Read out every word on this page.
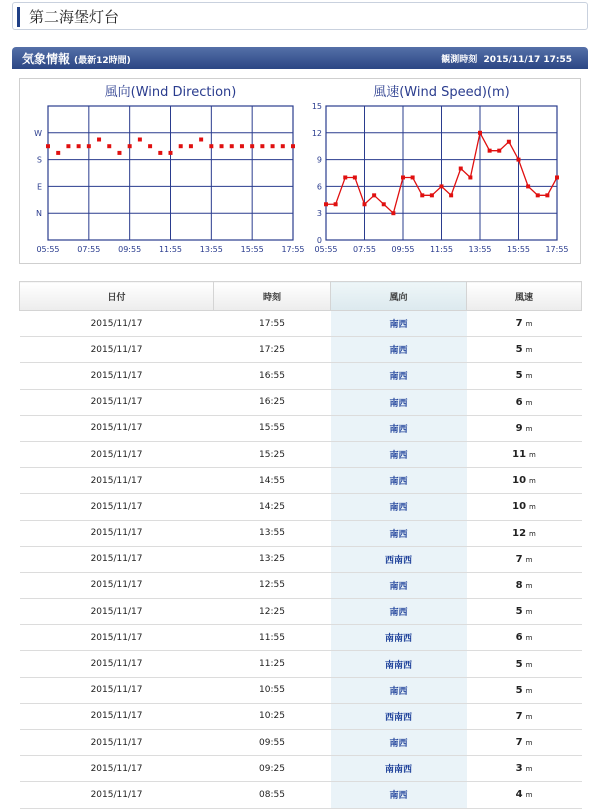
第二海堡灯台
気象情報 (最新12時間)	観測時刻 2015/11/17 17:55
風向(Wind Direction)
05:55 07:55 09:55 11:55 13:55 15:55 17:55
N
E
S
W
風速(Wind Speed)(m)
05:55 07:55 09:55 11:55 13:55 15:55 17:55
0
3
6
9
12
15
日付	時刻	風向	風速
2015/11/17	17:55	南西	7 m
2015/11/17	17:25	南西	5 m
2015/11/17	16:55	南西	5 m
2015/11/17	16:25	南西	6 m
2015/11/17	15:55	南西	9 m
2015/11/17	15:25	南西	11 m
2015/11/17	14:55	南西	10 m
2015/11/17	14:25	南西	10 m
2015/11/17	13:55	南西	12 m
2015/11/17	13:25	西南西	7 m
2015/11/17	12:55	南西	8 m
2015/11/17	12:25	南西	5 m
2015/11/17	11:55	南南西	6 m
2015/11/17	11:25	南南西	5 m
2015/11/17	10:55	南西	5 m
2015/11/17	10:25	西南西	7 m
2015/11/17	09:55	南西	7 m
2015/11/17	09:25	南南西	3 m
2015/11/17	08:55	南西	4 m
